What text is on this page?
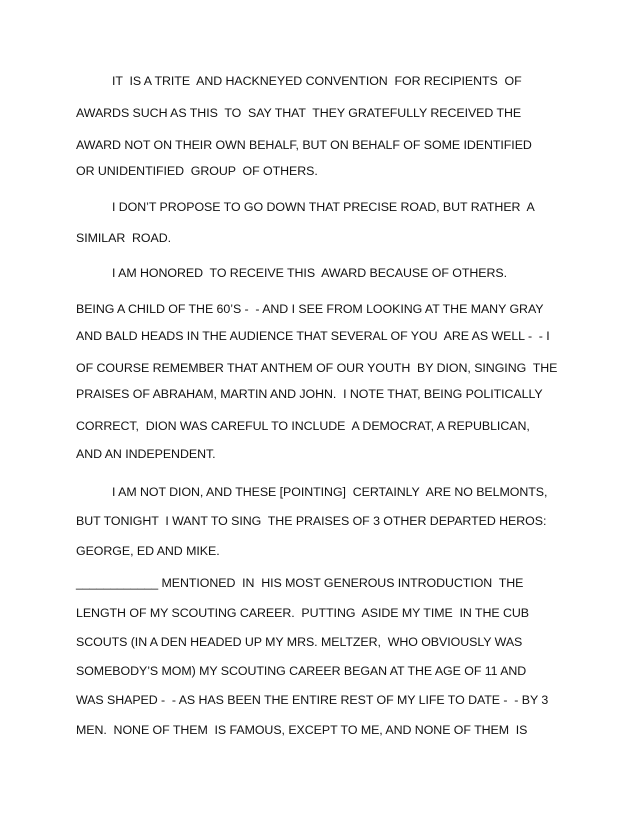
IT  IS A TRITE  AND HACKNEYED CONVENTION  FOR RECIPIENTS  OF
AWARDS SUCH AS THIS  TO  SAY THAT  THEY GRATEFULLY RECEIVED THE
AWARD NOT ON THEIR OWN BEHALF, BUT ON BEHALF OF SOME IDENTIFIED
OR UNIDENTIFIED  GROUP  OF OTHERS.
I DON’T PROPOSE TO GO DOWN THAT PRECISE ROAD, BUT RATHER  A
SIMILAR  ROAD.
I AM HONORED  TO RECEIVE THIS  AWARD BECAUSE OF OTHERS.
BEING A CHILD OF THE 60’S -  - AND I SEE FROM LOOKING AT THE MANY GRAY
AND BALD HEADS IN THE AUDIENCE THAT SEVERAL OF YOU  ARE AS WELL -  - I
OF COURSE REMEMBER THAT ANTHEM OF OUR YOUTH  BY DION, SINGING  THE
PRAISES OF ABRAHAM, MARTIN AND JOHN.  I NOTE THAT, BEING POLITICALLY
CORRECT,  DION WAS CAREFUL TO INCLUDE  A DEMOCRAT, A REPUBLICAN,
AND AN INDEPENDENT.
I AM NOT DION, AND THESE [POINTING]  CERTAINLY  ARE NO BELMONTS,
BUT TONIGHT  I WANT TO SING  THE PRAISES OF 3 OTHER DEPARTED HEROS:
GEORGE, ED AND MIKE.
____________ MENTIONED  IN  HIS MOST GENEROUS INTRODUCTION  THE
LENGTH OF MY SCOUTING CAREER.  PUTTING  ASIDE MY TIME  IN THE CUB
SCOUTS (IN A DEN HEADED UP MY MRS. MELTZER,  WHO OBVIOUSLY WAS
SOMEBODY’S MOM) MY SCOUTING CAREER BEGAN AT THE AGE OF 11 AND
WAS SHAPED -  - AS HAS BEEN THE ENTIRE REST OF MY LIFE TO DATE -  - BY 3
MEN.  NONE OF THEM  IS FAMOUS, EXCEPT TO ME, AND NONE OF THEM  IS
